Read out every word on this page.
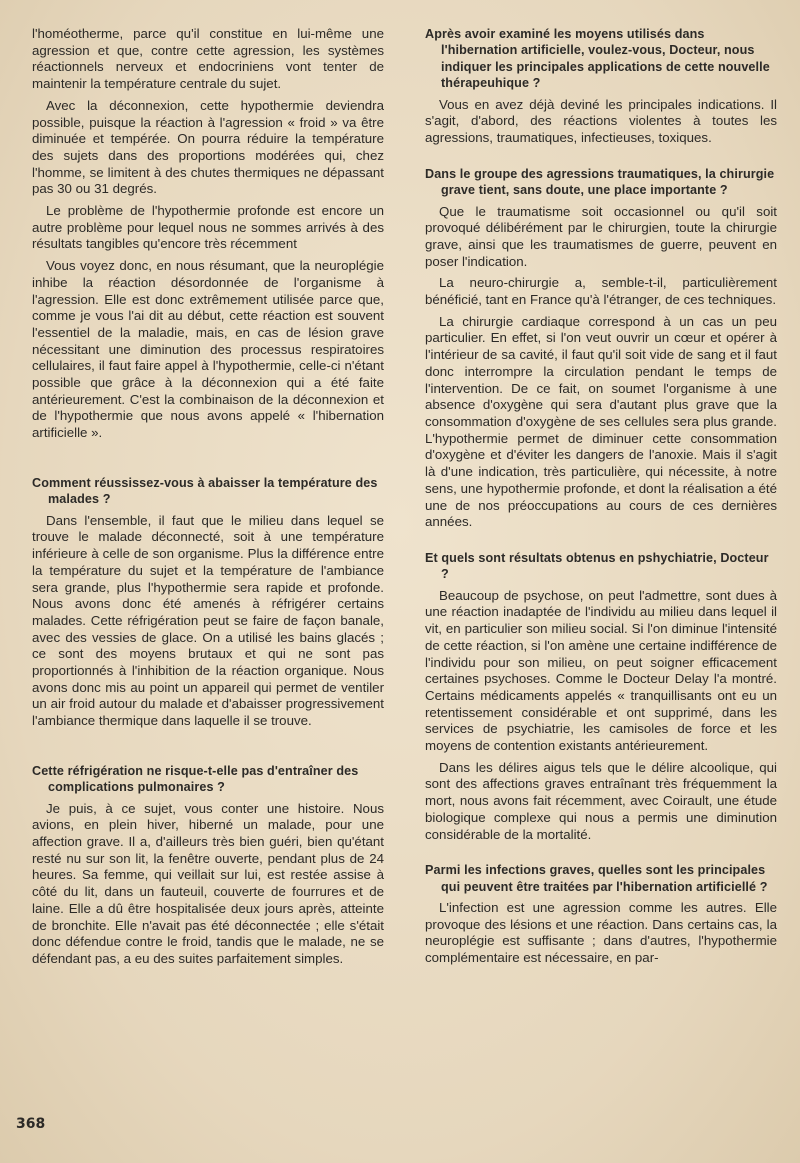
l'homéotherme, parce qu'il constitue en lui-même une agression et que, contre cette agression, les systèmes réactionnels nerveux et endocriniens vont tenter de maintenir la température centrale du sujet.

Avec la déconnexion, cette hypothermie deviendra possible, puisque la réaction à l'agression « froid » va être diminuée et tempérée. On pourra réduire la température des sujets dans des proportions modérées qui, chez l'homme, se limitent à des chutes thermiques ne dépassant pas 30 ou 31 degrés.

Le problème de l'hypothermie profonde est encore un autre problème pour lequel nous ne sommes arrivés à des résultats tangibles qu'encore très récemment

Vous voyez donc, en nous résumant, que la neuroplégie inhibe la réaction désordonnée de l'organisme à l'agression. Elle est donc extrêmement utilisée parce que, comme je vous l'ai dit au début, cette réaction est souvent l'essentiel de la maladie, mais, en cas de lésion grave nécessitant une diminution des processus respiratoires cellulaires, il faut faire appel à l'hypothermie, celle-ci n'étant possible que grâce à la déconnexion qui a été faite antérieurement. C'est la combinaison de la déconnexion et de l'hypothermie que nous avons appelé « l'hibernation artificielle ».

Comment réussissez-vous à abaisser la température des malades ?

Dans l'ensemble, il faut que le milieu dans lequel se trouve le malade déconnecté, soit à une température inférieure à celle de son organisme. Plus la différence entre la température du sujet et la température de l'ambiance sera grande, plus l'hypothermie sera rapide et profonde. Nous avons donc été amenés à réfrigérer certains malades. Cette réfrigération peut se faire de façon banale, avec des vessies de glace. On a utilisé les bains glacés ; ce sont des moyens brutaux et qui ne sont pas proportionnés à l'inhibition de la réaction organique. Nous avons donc mis au point un appareil qui permet de ventiler un air froid autour du malade et d'abaisser progressivement l'ambiance thermique dans laquelle il se trouve.

Cette réfrigération ne risque-t-elle pas d'entraîner des complications pulmonaires ?

Je puis, à ce sujet, vous conter une histoire. Nous avions, en plein hiver, hiberné un malade, pour une affection grave. Il a, d'ailleurs très bien guéri, bien qu'étant resté nu sur son lit, la fenêtre ouverte, pendant plus de 24 heures. Sa femme, qui veillait sur lui, est restée assise à côté du lit, dans un fauteuil, couverte de fourrures et de laine. Elle a dû être hospitalisée deux jours après, atteinte de bronchite. Elle n'avait pas été déconnectée ; elle s'était donc défendue contre le froid, tandis que le malade, ne se défendant pas, a eu des suites parfaitement simples.

Après avoir examiné les moyens utilisés dans l'hibernation artificielle, voulez-vous, Docteur, nous indiquer les principales applications de cette nouvelle thérapeuhique ?

Vous en avez déjà deviné les principales indications. Il s'agit, d'abord, des réactions violentes à toutes les agressions, traumatiques, infectieuses, toxiques.

Dans le groupe des agressions traumatiques, la chirurgie grave tient, sans doute, une place importante ?

Que le traumatisme soit occasionnel ou qu'il soit provoqué délibérément par le chirurgien, toute la chirurgie grave, ainsi que les traumatismes de guerre, peuvent en poser l'indication.

La neuro-chirurgie a, semble-t-il, particulièrement bénéficié, tant en France qu'à l'étranger, de ces techniques.

La chirurgie cardiaque correspond à un cas un peu particulier. En effet, si l'on veut ouvrir un cœur et opérer à l'intérieur de sa cavité, il faut qu'il soit vide de sang et il faut donc interrompre la circulation pendant le temps de l'intervention. De ce fait, on soumet l'organisme à une absence d'oxygène qui sera d'autant plus grave que la consommation d'oxygène de ses cellules sera plus grande. L'hypothermie permet de diminuer cette consommation d'oxygène et d'éviter les dangers de l'anoxie. Mais il s'agit là d'une indication, très particulière, qui nécessite, à notre sens, une hypothermie profonde, et dont la réalisation a été une de nos préoccupations au cours de ces dernières années.

Et quels sont résultats obtenus en pshychiatrie, Docteur ?

Beaucoup de psychose, on peut l'admettre, sont dues à une réaction inadaptée de l'individu au milieu dans lequel il vit, en particulier son milieu social. Si l'on diminue l'intensité de cette réaction, si l'on amène une certaine indifférence de l'individu pour son milieu, on peut soigner efficacement certaines psychoses. Comme le Docteur Delay l'a montré. Certains médicaments appelés « tranquillisants ont eu un retentissement considérable et ont supprimé, dans les services de psychiatrie, les camisoles de force et les moyens de contention existants antérieurement.

Dans les délires aigus tels que le délire alcoolique, qui sont des affections graves entraînant très fréquemment la mort, nous avons fait récemment, avec Coirault, une étude biologique complexe qui nous a permis une diminution considérable de la mortalité.

Parmi les infections graves, quelles sont les principales qui peuvent être traitées par l'hibernation artificiellé ?

L'infection est une agression comme les autres. Elle provoque des lésions et une réaction. Dans certains cas, la neuroplégie est suffisante ; dans d'autres, l'hypothermie complémentaire est nécessaire, en par-

368
